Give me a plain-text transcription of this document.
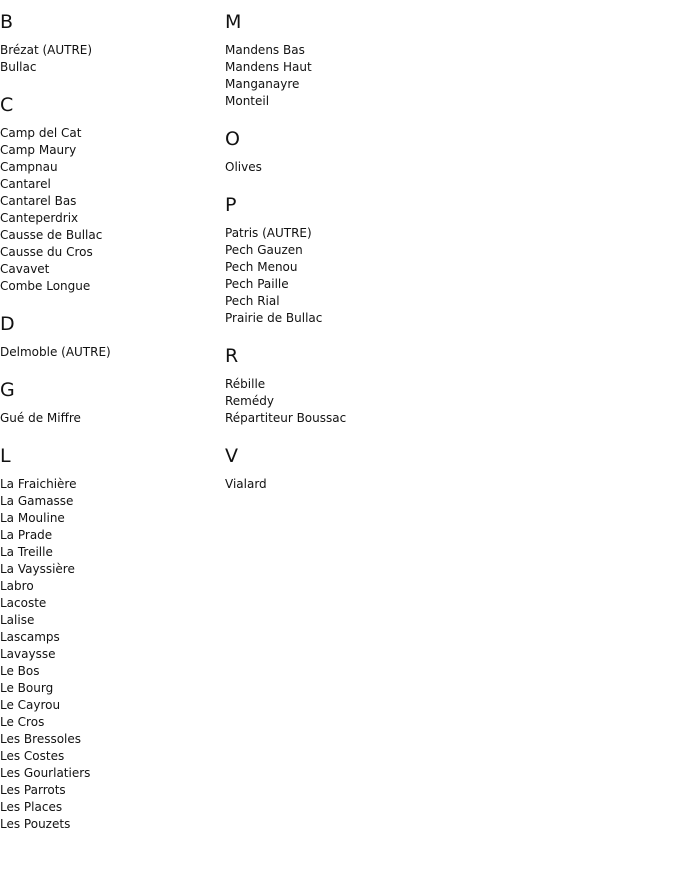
B
Brézat (AUTRE)
Bullac
C
Camp del Cat
Camp Maury
Campnau
Cantarel
Cantarel Bas
Canteperdrix
Causse de Bullac
Causse du Cros
Cavavet
Combe Longue
D
Delmoble (AUTRE)
G
Gué de Miffre
L
La Fraichière
La Gamasse
La Mouline
La Prade
La Treille
La Vayssière
Labro
Lacoste
Lalise
Lascamps
Lavaysse
Le Bos
Le Bourg
Le Cayrou
Le Cros
Les Bressoles
Les Costes
Les Gourlatiers
Les Parrots
Les Places
Les Pouzets
M
Mandens Bas
Mandens Haut
Manganayre
Monteil
O
Olives
P
Patris (AUTRE)
Pech Gauzen
Pech Menou
Pech Paille
Pech Rial
Prairie de Bullac
R
Rébille
Remédy
Répartiteur Boussac
V
Vialard
